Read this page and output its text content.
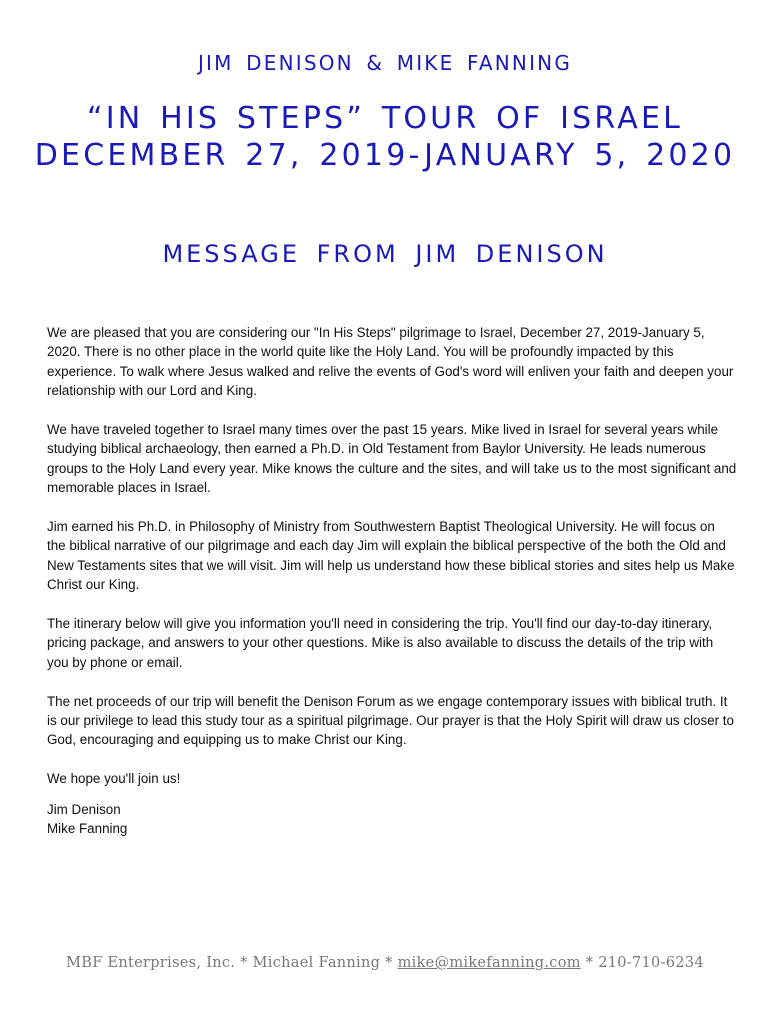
JIM DENISON & MIKE FANNING
“IN HIS STEPS” TOUR OF ISRAEL
DECEMBER 27, 2019-JANUARY 5, 2020
MESSAGE FROM JIM DENISON

We are pleased that you are considering our "In His Steps" pilgrimage to Israel, December 27, 2019-January 5, 2020. There is no other place in the world quite like the Holy Land. You will be profoundly impacted by this experience. To walk where Jesus walked and relive the events of God's word will enliven your faith and deepen your relationship with our Lord and King.

We have traveled together to Israel many times over the past 15 years. Mike lived in Israel for several years while studying biblical archaeology, then earned a Ph.D. in Old Testament from Baylor University. He leads numerous groups to the Holy Land every year. Mike knows the culture and the sites, and will take us to the most significant and memorable places in Israel.

Jim earned his Ph.D. in Philosophy of Ministry from Southwestern Baptist Theological University. He will focus on the biblical narrative of our pilgrimage and each day Jim will explain the biblical perspective of the both the Old and New Testaments sites that we will visit. Jim will help us understand how these biblical stories and sites help us Make Christ our King.

The itinerary below will give you information you'll need in considering the trip. You'll find our day-to-day itinerary, pricing package, and answers to your other questions. Mike is also available to discuss the details of the trip with you by phone or email.

The net proceeds of our trip will benefit the Denison Forum as we engage contemporary issues with biblical truth. It is our privilege to lead this study tour as a spiritual pilgrimage. Our prayer is that the Holy Spirit will draw us closer to God, encouraging and equipping us to make Christ our King.

We hope you'll join us!

Jim Denison
Mike Fanning
MBF Enterprises, Inc. * Michael Fanning * mike@mikefanning.com * 210-710-6234
